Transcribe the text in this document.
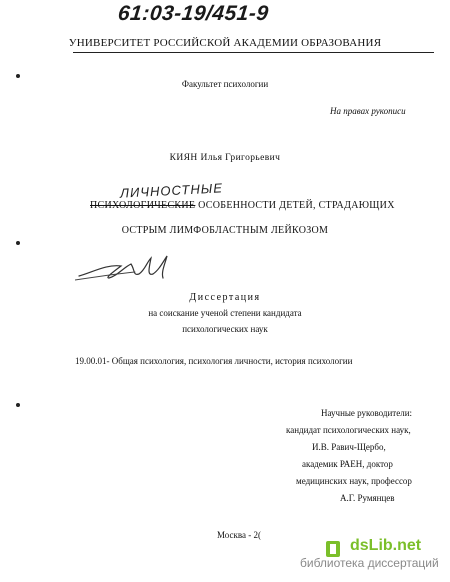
61:03-19/451-9
УНИВЕРСИТЕТ РОССИЙСКОЙ АКАДЕМИИ ОБРАЗОВАНИЯ
Факультет психологии
На правах рукописи
КИЯН Илья Григорьевич
ЛИЧНОСТНЫЕ
ПСИХОЛОГИЧЕСКИЕ ОСОБЕННОСТИ ДЕТЕЙ, СТРАДАЮЩИХ
ОСТРЫМ ЛИМФОБЛАСТНЫМ ЛЕЙКОЗОМ
Диссертация
на соискание ученой степени кандидата
психологических наук
19.00.01- Общая психология, психология личности, история психологии
Научные руководители:
кандидат психологических наук,
И.В. Равич-Щербо,
академик РАЕН, доктор
медицинских наук, профессор
А.Г. Румянцев
Москва - 2(
dsLib.net
библиотека диссертаций
